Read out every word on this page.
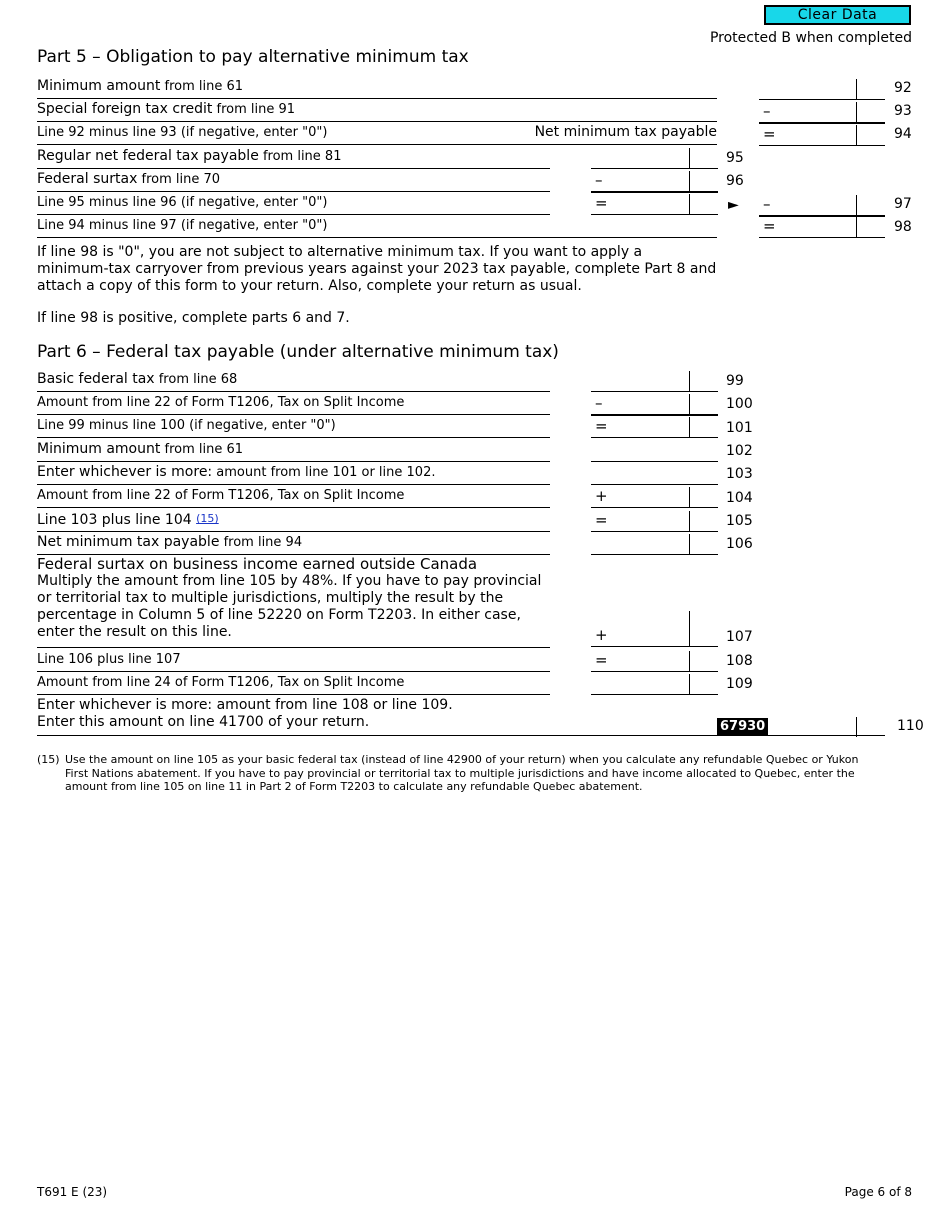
Clear Data
Protected B when completed
Part 5 – Obligation to pay alternative minimum tax
Minimum amount from line 61	92
Special foreign tax credit from line 91	–	93
Line 92 minus line 93 (if negative, enter "0")	Net minimum tax payable	=	94
Regular net federal tax payable from line 81	95
Federal surtax from line 70	–	96
Line 95 minus line 96 (if negative, enter "0")	=	► –	97
Line 94 minus line 97 (if negative, enter "0")	=	98
If line 98 is "0", you are not subject to alternative minimum tax. If you want to apply a minimum-tax carryover from previous years against your 2023 tax payable, complete Part 8 and attach a copy of this form to your return. Also, complete your return as usual.
If line 98 is positive, complete parts 6 and 7.
Part 6 – Federal tax payable (under alternative minimum tax)
Basic federal tax from line 68	99
Amount from line 22 of Form T1206, Tax on Split Income	–	100
Line 99 minus line 100 (if negative, enter "0")	=	101
Minimum amount from line 61	102
Enter whichever is more: amount from line 101 or line 102.	103
Amount from line 22 of Form T1206, Tax on Split Income	+	104
Line 103 plus line 104 (15)	=	105
Net minimum tax payable from line 94	106
Federal surtax on business income earned outside Canada
Multiply the amount from line 105 by 48%. If you have to pay provincial or territorial tax to multiple jurisdictions, multiply the result by the percentage in Column 5 of line 52220 on Form T2203. In either case, enter the result on this line.	+	107
Line 106 plus line 107	=	108
Amount from line 24 of Form T1206, Tax on Split Income	109
Enter whichever is more: amount from line 108 or line 109.
Enter this amount on line 41700 of your return.	67930	110
(15) Use the amount on line 105 as your basic federal tax (instead of line 42900 of your return) when you calculate any refundable Quebec or Yukon First Nations abatement. If you have to pay provincial or territorial tax to multiple jurisdictions and have income allocated to Quebec, enter the amount from line 105 on line 11 in Part 2 of Form T2203 to calculate any refundable Quebec abatement.
T691 E (23)	Page 6 of 8
